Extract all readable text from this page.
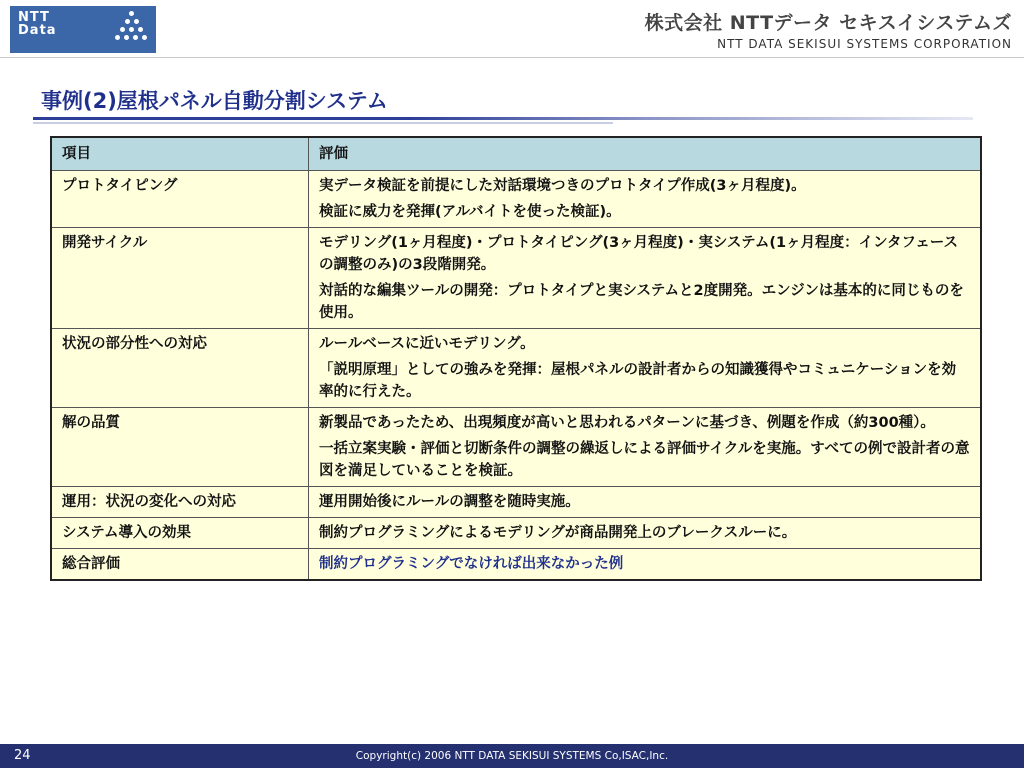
NTT
Data	株式会社 NTTデータ セキスイシステムズ
NTT DATA SEKISUI SYSTEMS CORPORATION
事例(2)屋根パネル自動分割システム
項目	評価
プロトタイピング	実データ検証を前提にした対話環境つきのプロトタイプ作成(3ヶ月程度)。

検証に威力を発揮(アルバイトを使った検証)。

開発サイクル	モデリング(1ヶ月程度)・プロトタイピング(3ヶ月程度)・実システム(1ヶ月程度：インタフェースの調整のみ)の3段階開発。

対話的な編集ツールの開発：プロトタイプと実システムと2度開発。エンジンは基本的に同じものを使用。

状況の部分性への対応	ルールベースに近いモデリング。

「説明原理」としての強みを発揮：屋根パネルの設計者からの知識獲得やコミュニケーションを効率的に行えた。

解の品質	新製品であったため、出現頻度が高いと思われるパターンに基づき、例題を作成（約300種）。

一括立案実験・評価と切断条件の調整の繰返しによる評価サイクルを実施。すべての例で設計者の意図を満足していることを検証。

運用：状況の変化への対応	運用開始後にルールの調整を随時実施。

システム導入の効果	制約プログラミングによるモデリングが商品開発上のブレークスルーに。

総合評価	制約プログラミングでなければ出来なかった例

24	Copyright(c) 2006 NTT DATA SEKISUI SYSTEMS Co,ISAC,Inc.
